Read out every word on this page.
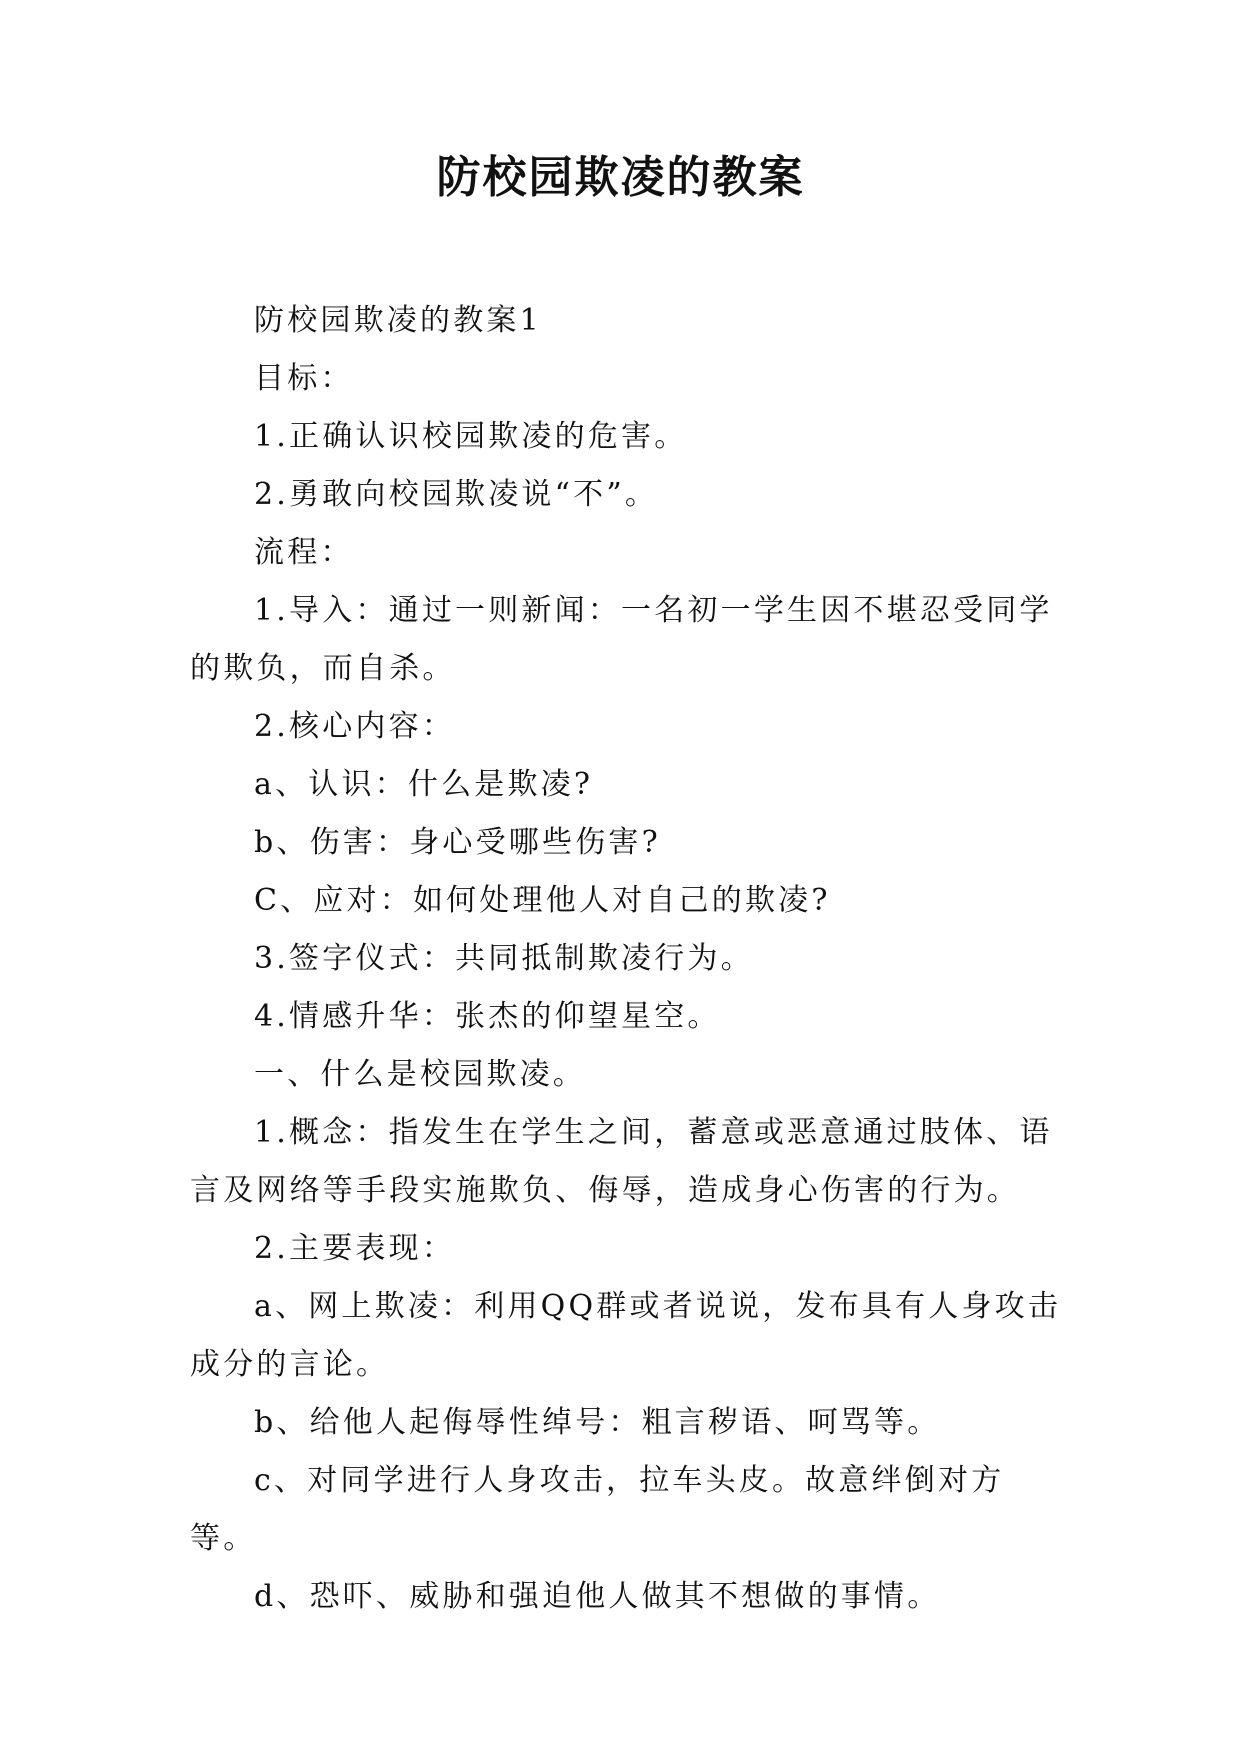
防校园欺凌的教案

防校园欺凌的教案1

目标：

1.正确认识校园欺凌的危害。

2.勇敢向校园欺凌说“不”。

流程：

1.导入：通过一则新闻：一名初一学生因不堪忍受同学的欺负，而自杀。

2.核心内容：

a、认识：什么是欺凌?

b、伤害：身心受哪些伤害?

C、应对：如何处理他人对自己的欺凌?

3.签字仪式：共同抵制欺凌行为。

4.情感升华：张杰的仰望星空。

一、什么是校园欺凌。

1.概念：指发生在学生之间，蓄意或恶意通过肢体、语言及网络等手段实施欺负、侮辱，造成身心伤害的行为。

2.主要表现：

a、网上欺凌：利用QQ群或者说说，发布具有人身攻击成分的言论。

b、给他人起侮辱性绰号：粗言秽语、呵骂等。

c、对同学进行人身攻击，拉车头皮。故意绊倒对方等。

d、恐吓、威胁和强迫他人做其不想做的事情。
